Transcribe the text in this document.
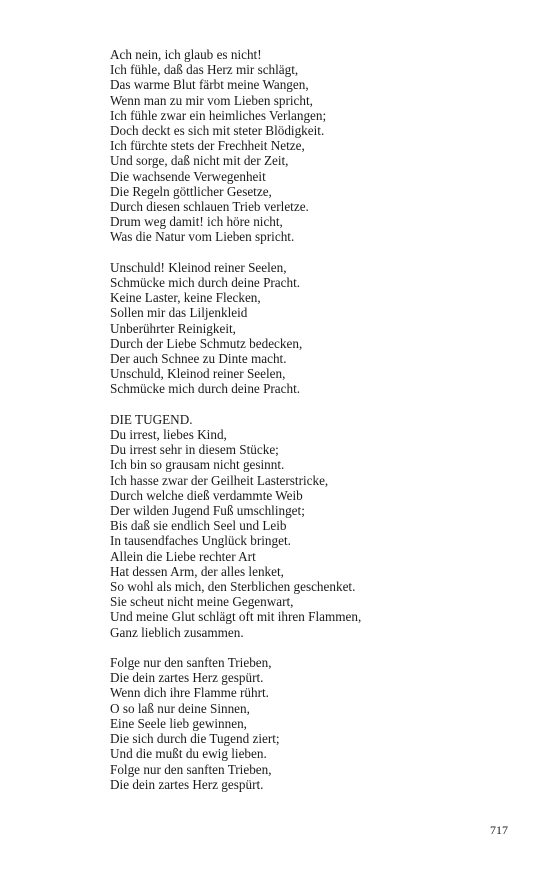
Ach nein, ich glaub es nicht!
Ich fühle, daß das Herz mir schlägt,
Das warme Blut färbt meine Wangen,
Wenn man zu mir vom Lieben spricht,
Ich fühle zwar ein heimliches Verlangen;
Doch deckt es sich mit steter Blödigkeit.
Ich fürchte stets der Frechheit Netze,
Und sorge, daß nicht mit der Zeit,
Die wachsende Verwegenheit
Die Regeln göttlicher Gesetze,
Durch diesen schlauen Trieb verletze.
Drum weg damit! ich höre nicht,
Was die Natur vom Lieben spricht.
Unschuld! Kleinod reiner Seelen,
Schmücke mich durch deine Pracht.
Keine Laster, keine Flecken,
Sollen mir das Liljenkleid
Unberührter Reinigkeit,
Durch der Liebe Schmutz bedecken,
Der auch Schnee zu Dinte macht.
Unschuld, Kleinod reiner Seelen,
Schmücke mich durch deine Pracht.
DIE TUGEND.
Du irrest, liebes Kind,
Du irrest sehr in diesem Stücke;
Ich bin so grausam nicht gesinnt.
Ich hasse zwar der Geilheit Lasterstricke,
Durch welche dieß verdammte Weib
Der wilden Jugend Fuß umschlinget;
Bis daß sie endlich Seel und Leib
In tausendfaches Unglück bringet.
Allein die Liebe rechter Art
Hat dessen Arm, der alles lenket,
So wohl als mich, den Sterblichen geschenket.
Sie scheut nicht meine Gegenwart,
Und meine Glut schlägt oft mit ihren Flammen,
Ganz lieblich zusammen.
Folge nur den sanften Trieben,
Die dein zartes Herz gespürt.
Wenn dich ihre Flamme rührt.
O so laß nur deine Sinnen,
Eine Seele lieb gewinnen,
Die sich durch die Tugend ziert;
Und die mußt du ewig lieben.
Folge nur den sanften Trieben,
Die dein zartes Herz gespürt.
717
